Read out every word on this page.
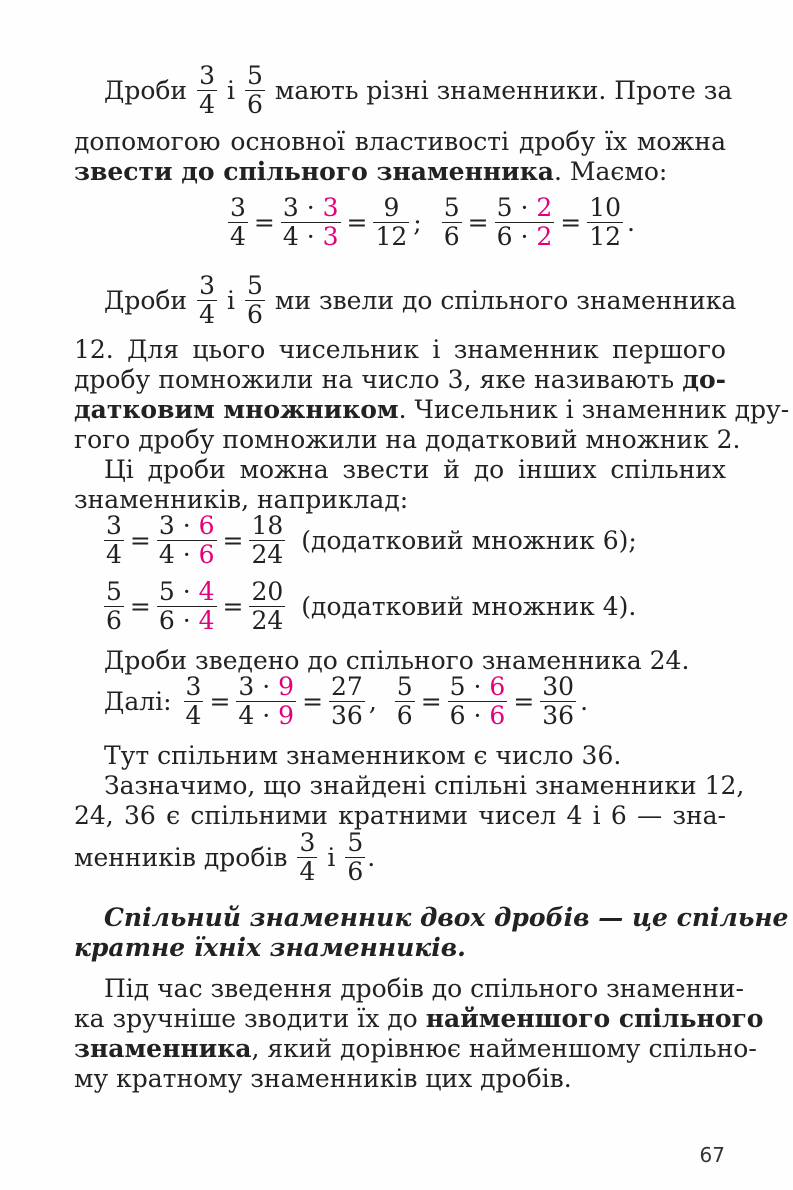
Дроби $\frac{3}{4}$ і $\frac{5}{6}$ мають різні знаменники. Проте за
допомогою основної властивості дробу їх можна
звести до спільного знаменника. Маємо:
$\frac{3}{4} = \frac{3 \cdot 3}{4 \cdot 3} = \frac{9}{12}$ ; $\frac{5}{6} = \frac{5 \cdot 2}{6 \cdot 2} = \frac{10}{12}$ .
Дроби $\frac{3}{4}$ і $\frac{5}{6}$ ми звели до спільного знаменника
12. Для цього чисельник і знаменник першого
дробу помножили на число 3, яке називають до-
датковим множником. Чисельник і знаменник дру-
гого дробу помножили на додатковий множник 2.
Ці дроби можна звести й до інших спільних
знаменників, наприклад:
$\frac{3}{4} = \frac{3 \cdot 6}{4 \cdot 6} = \frac{18}{24}$ (додатковий множник 6);
$\frac{5}{6} = \frac{5 \cdot 4}{6 \cdot 4} = \frac{20}{24}$ (додатковий множник 4).
Дроби зведено до спільного знаменника 24.
Далі: $\frac{3}{4} = \frac{3 \cdot 9}{4 \cdot 9} = \frac{27}{36}$ , $\frac{5}{6} = \frac{5 \cdot 6}{6 \cdot 6} = \frac{30}{36}$ .
Тут спільним знаменником є число 36.
Зазначимо, що знайдені спільні знаменники 12,
24, 36 є спільними кратними чисел 4 і 6 — зна-
менників дробів $\frac{3}{4}$ і $\frac{5}{6}$ .
Спільний знаменник двох дробів — це спільне
кратне їхніх знаменників.
Під час зведення дробів до спільного знаменни-
ка зручніше зводити їх до найменшого спільного
знаменника, який дорівнює найменшому спільно-
му кратному знаменників цих дробів.
67
